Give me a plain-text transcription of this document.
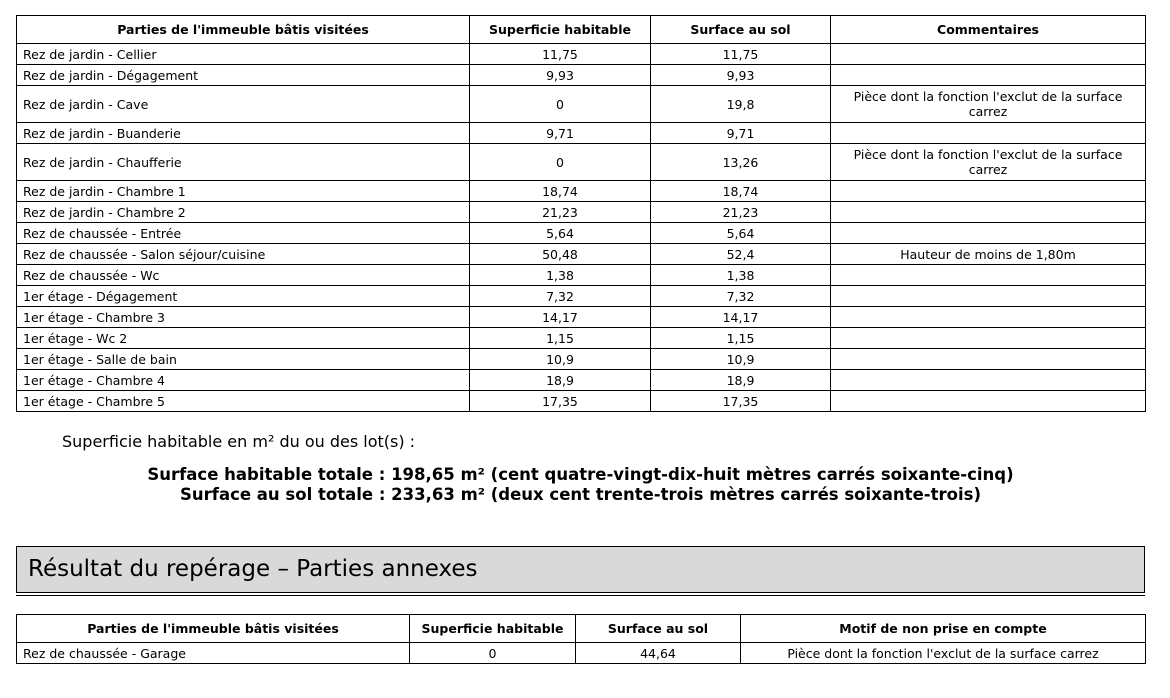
Parties de l'immeuble bâtis visitées	Superficie habitable	Surface au sol	Commentaires
Rez de jardin - Cellier	11,75	11,75	
Rez de jardin - Dégagement	9,93	9,93	
Rez de jardin - Cave	0	19,8	Pièce dont la fonction l'exclut de la surface carrez
Rez de jardin - Buanderie	9,71	9,71	
Rez de jardin - Chaufferie	0	13,26	Pièce dont la fonction l'exclut de la surface carrez
Rez de jardin - Chambre 1	18,74	18,74	
Rez de jardin - Chambre 2	21,23	21,23	
Rez de chaussée - Entrée	5,64	5,64	
Rez de chaussée - Salon séjour/cuisine	50,48	52,4	Hauteur de moins de 1,80m
Rez de chaussée - Wc	1,38	1,38	
1er étage - Dégagement	7,32	7,32	
1er étage - Chambre 3	14,17	14,17	
1er étage - Wc 2	1,15	1,15	
1er étage - Salle de bain	10,9	10,9	
1er étage - Chambre 4	18,9	18,9	
1er étage - Chambre 5	17,35	17,35	
Superficie habitable en m² du ou des lot(s) :
Surface habitable totale : 198,65 m² (cent quatre-vingt-dix-huit mètres carrés soixante-cinq)
Surface au sol totale : 233,63 m² (deux cent trente-trois mètres carrés soixante-trois)
Résultat du repérage – Parties annexes
Parties de l'immeuble bâtis visitées	Superficie habitable	Surface au sol	Motif de non prise en compte
Rez de chaussée - Garage	0	44,64	Pièce dont la fonction l'exclut de la surface carrez
